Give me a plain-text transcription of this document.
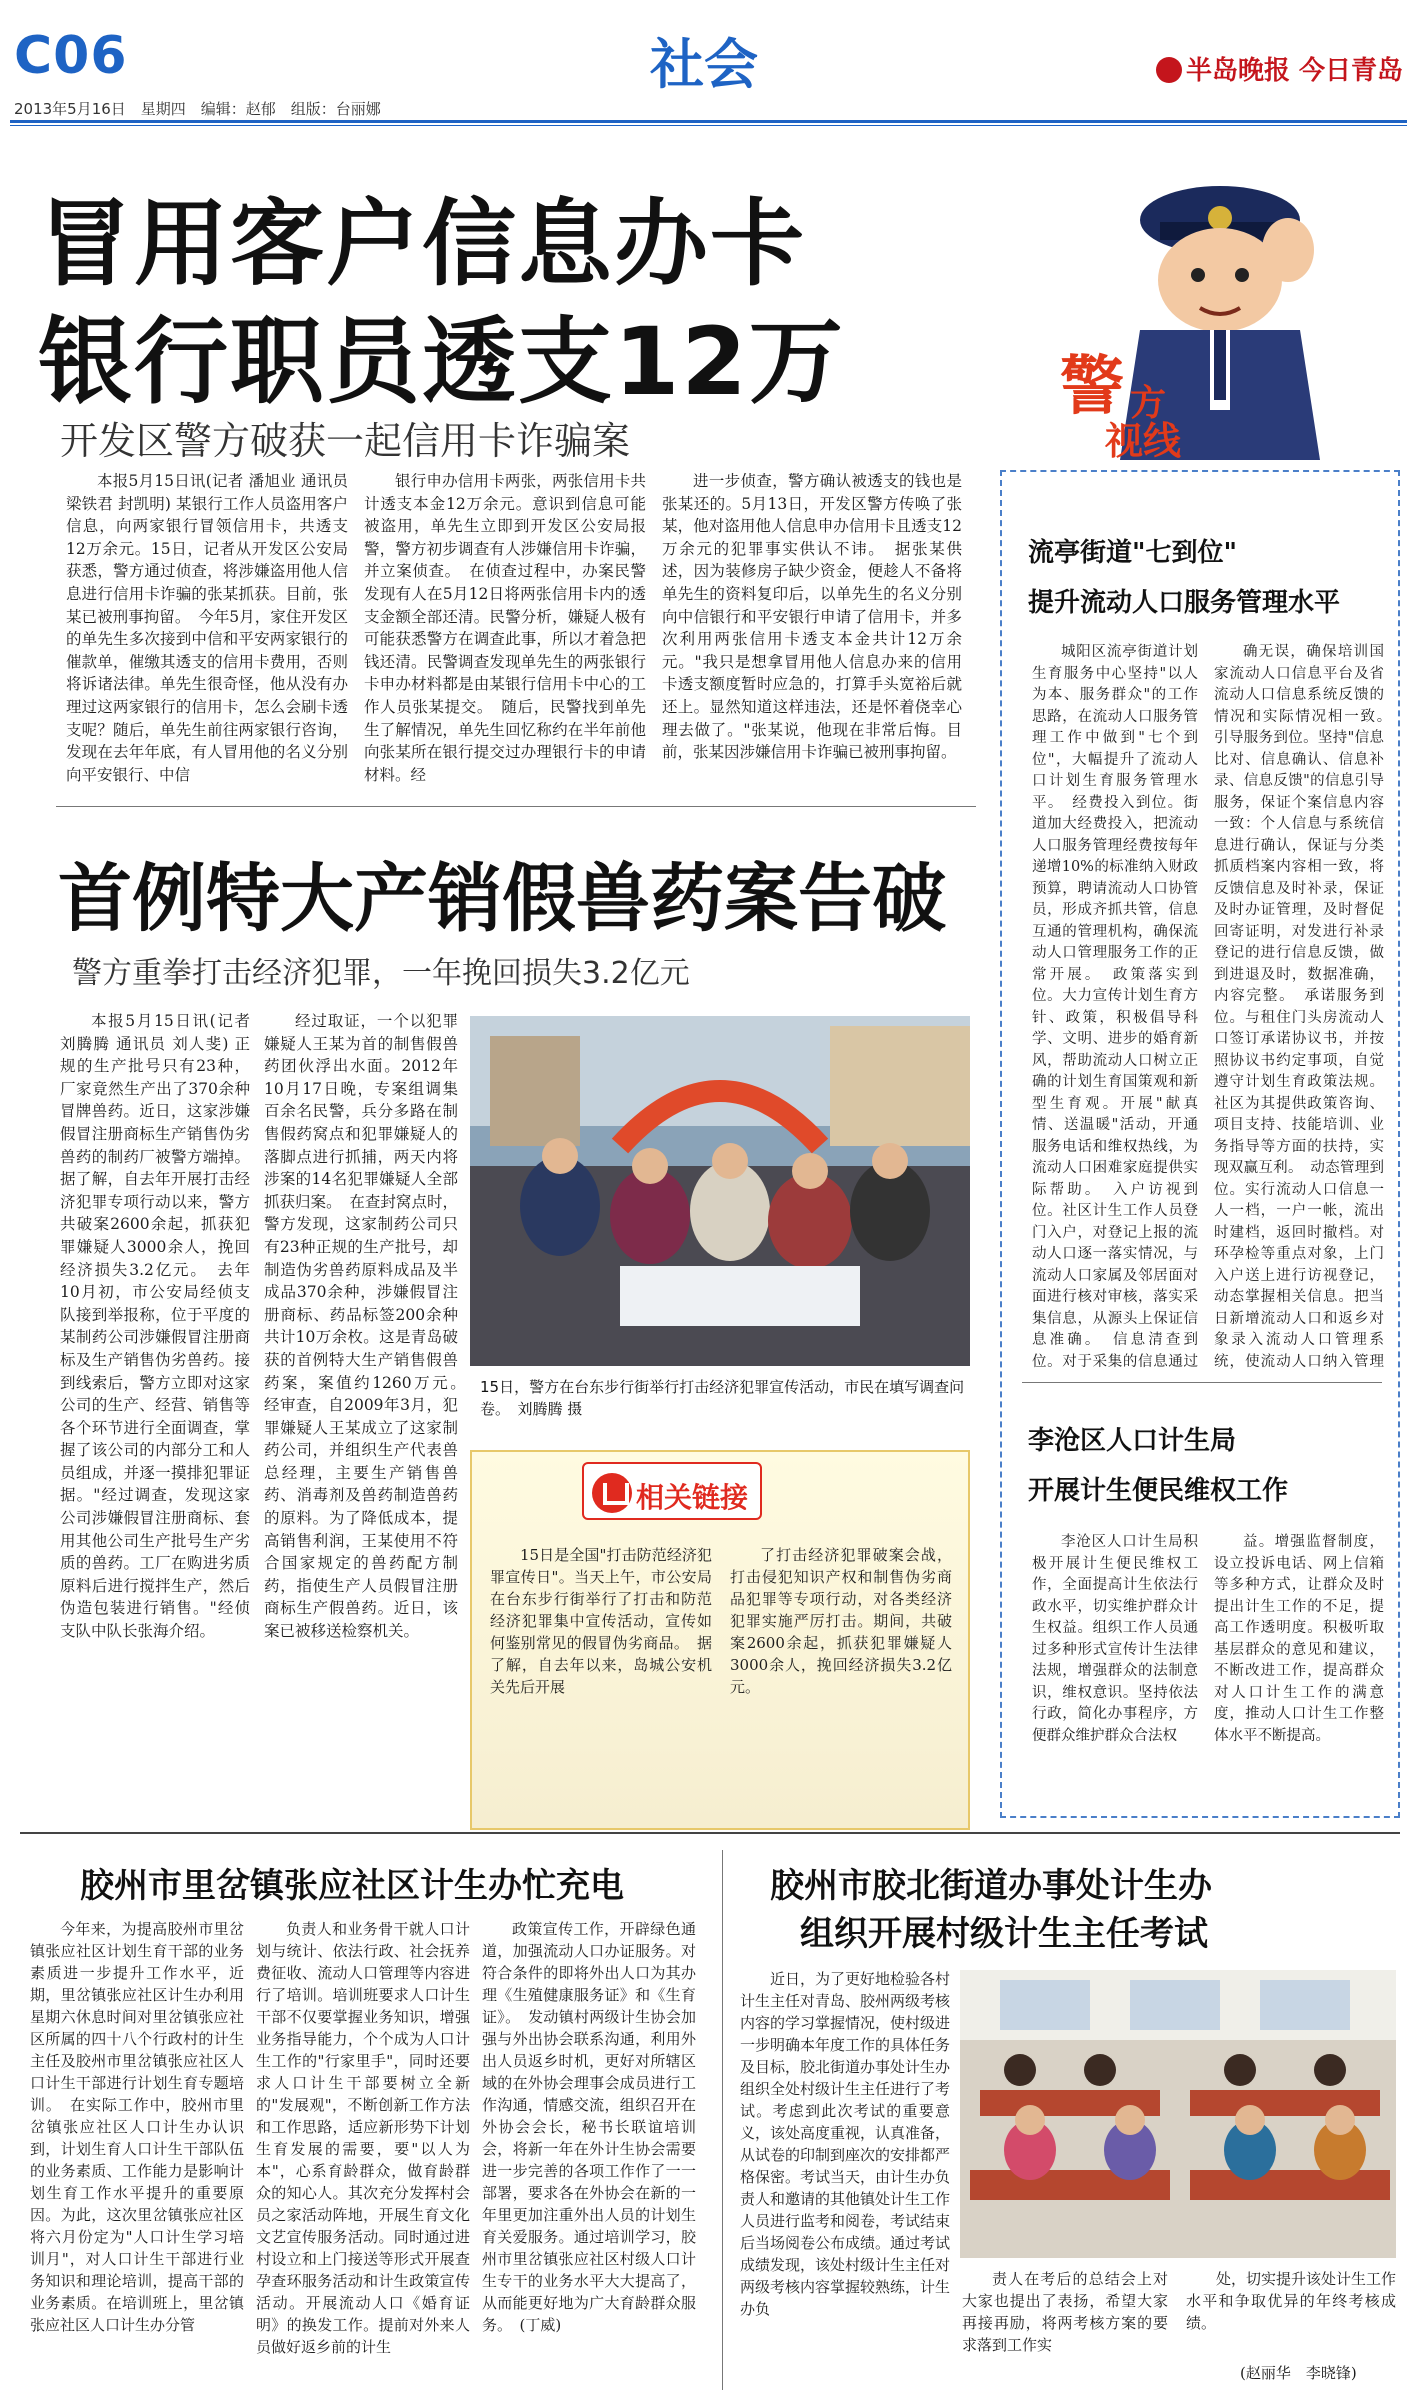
C06	社会
2013年5月16日　星期四　编辑：赵郁　组版：台丽娜
半岛晚报 今日青岛
冒用客户信息办卡
银行职员透支12万
开发区警方破获一起信用卡诈骗案
警 方
视线

本报5月15日讯(记者 潘旭业 通讯员 梁铁君 封凯明) 某银行工作人员盗用客户信息，向两家银行冒领信用卡，共透支12万余元。15日，记者从开发区公安局获悉，警方通过侦查，将涉嫌盗用他人信息进行信用卡诈骗的张某抓获。目前，张某已被刑事拘留。　今年5月，家住开发区的单先生多次接到中信和平安两家银行的催款单，催缴其透支的信用卡费用，否则将诉诸法律。单先生很奇怪，他从没有办理过这两家银行的信用卡，怎么会刷卡透支呢？随后，单先生前往两家银行咨询，发现在去年年底，有人冒用他的名义分别向平安银行、中信

银行申办信用卡两张，两张信用卡共计透支本金12万余元。意识到信息可能被盗用，单先生立即到开发区公安局报警，警方初步调查有人涉嫌信用卡诈骗，并立案侦查。　在侦查过程中，办案民警发现有人在5月12日将两张信用卡内的透支金额全部还清。民警分析，嫌疑人极有可能获悉警方在调查此事，所以才着急把钱还清。民警调查发现单先生的两张银行卡申办材料都是由某银行信用卡中心的工作人员张某提交。　随后，民警找到单先生了解情况，单先生回忆称约在半年前他向张某所在银行提交过办理银行卡的申请材料。经

进一步侦查，警方确认被透支的钱也是张某还的。5月13日，开发区警方传唤了张某，他对盗用他人信息申办信用卡且透支12万余元的犯罪事实供认不讳。　据张某供述，因为装修房子缺少资金，便趁人不备将单先生的资料复印后，以单先生的名义分别向中信银行和平安银行申请了信用卡，并多次利用两张信用卡透支本金共计12万余元。"我只是想拿冒用他人信息办来的信用卡透支额度暂时应急的，打算手头宽裕后就还上。显然知道这样违法，还是怀着侥幸心理去做了。"张某说，他现在非常后悔。目前，张某因涉嫌信用卡诈骗已被刑事拘留。

首例特大产销假兽药案告破
警方重拳打击经济犯罪，一年挽回损失3.2亿元

本报5月15日讯(记者 刘腾腾 通讯员 刘人斐) 正规的生产批号只有23种，厂家竟然生产出了370余种冒牌兽药。近日，这家涉嫌假冒注册商标生产销售伪劣兽药的制药厂被警方端掉。据了解，自去年开展打击经济犯罪专项行动以来，警方共破案2600余起，抓获犯罪嫌疑人3000余人，挽回经济损失3.2亿元。　去年10月初，市公安局经侦支队接到举报称，位于平度的某制药公司涉嫌假冒注册商标及生产销售伪劣兽药。接到线索后，警方立即对这家公司的生产、经营、销售等各个环节进行全面调查，掌握了该公司的内部分工和人员组成，并逐一摸排犯罪证据。"经过调查，发现这家公司涉嫌假冒注册商标、套用其他公司生产批号生产劣质的兽药。工厂在购进劣质原料后进行搅拌生产，然后伪造包装进行销售。"经侦支队中队长张海介绍。

经过取证，一个以犯罪嫌疑人王某为首的制售假兽药团伙浮出水面。2012年10月17日晚，专案组调集百余名民警，兵分多路在制售假药窝点和犯罪嫌疑人的落脚点进行抓捕，两天内将涉案的14名犯罪嫌疑人全部抓获归案。　在查封窝点时，警方发现，这家制药公司只有23种正规的生产批号，却制造伪劣兽药原料成品及半成品370余种，涉嫌假冒注册商标、药品标签200余种共计10万余枚。这是青岛破获的首例特大生产销售假兽药案，案值约1260万元。　经审查，自2009年3月，犯罪嫌疑人王某成立了这家制药公司，并组织生产代表兽总经理，主要生产销售兽药、消毒剂及兽药制造兽药的原料。为了降低成本，提高销售利润，王某使用不符合国家规定的兽药配方制药，指使生产人员假冒注册商标生产假兽药。近日，该案已被移送检察机关。

15日，警方在台东步行街举行打击经济犯罪宣传活动，市民在填写调查问卷。　刘腾腾 摄
相关链接

15日是全国"打击防范经济犯罪宣传日"。当天上午，市公安局在台东步行街举行了打击和防范经济犯罪集中宣传活动，宣传如何鉴别常见的假冒伪劣商品。　据了解，自去年以来，岛城公安机关先后开展

了打击经济犯罪破案会战，打击侵犯知识产权和制售伪劣商品犯罪等专项行动，对各类经济犯罪实施严厉打击。期间，共破案2600余起，抓获犯罪嫌疑人3000余人，挽回经济损失3.2亿元。

流亭街道"七到位"
提升流动人口服务管理水平

城阳区流亭街道计划生育服务中心坚持"以人为本、服务群众"的工作思路，在流动人口服务管理工作中做到"七个到位"，大幅提升了流动人口计划生育服务管理水平。　经费投入到位。街道加大经费投入，把流动人口服务管理经费按每年递增10%的标准纳入财政预算，聘请流动人口协管员，形成齐抓共管，信息互通的管理机构，确保流动人口管理服务工作的正常开展。　政策落实到位。大力宣传计划生育方针、政策，积极倡导科学、文明、进步的婚育新风，帮助流动人口树立正确的计划生育国策观和新型生育观。开展"献真情、送温暖"活动，开通服务电话和维权热线，为流动人口困难家庭提供实际帮助。　入户访视到位。社区计生工作人员登门入户，对登记上报的流动人口逐一落实情况，与流动人口家属及邻居面对面进行核对审核，落实采集信息，从源头上保证信息准确。　信息清查到位。对于采集的信息通过

确无误，确保培训国家流动人口信息平台及省流动人口信息系统反馈的情况和实际情况相一致。　引导服务到位。坚持"信息比对、信息确认、信息补录、信息反馈"的信息引导服务，保证个案信息内容一致：个人信息与系统信息进行确认，保证与分类抓质档案内容相一致，将反馈信息及时补录，保证及时办证管理，及时督促回寄证明，对发进行补录登记的进行信息反馈，做到进退及时，数据准确，内容完整。　承诺服务到位。与租住门头房流动人口签订承诺协议书，并按照协议书约定事项，自觉遵守计划生育政策法规。社区为其提供政策咨询、项目支持、技能培训、业务指导等方面的扶持，实现双赢互利。　动态管理到位。实行流动人口信息一人一档，一户一帐，流出时建档，返回时撤档。对环孕检等重点对象，上门入户送上进行访视登记，动态掌握相关信息。把当日新增流动人口和返乡对象录入流动人口管理系统，使流动人口纳入管理

李沧区人口计生局
开展计生便民维权工作

李沧区人口计生局积极开展计生便民维权工作，全面提高计生依法行政水平，切实维护群众计生权益。组织工作人员通过多种形式宣传计生法律法规，增强群众的法制意识，维权意识。坚持依法行政，简化办事程序，方便群众维护群众合法权

益。增强监督制度，设立投诉电话、网上信箱等多种方式，让群众及时提出计生工作的不足，提高工作透明度。积极听取基层群众的意见和建议，不断改进工作，提高群众对人口计生工作的满意度，推动人口计生工作整体水平不断提高。

胶州市里岔镇张应社区计生办忙充电

今年来，为提高胶州市里岔镇张应社区计划生育干部的业务素质进一步提升工作水平，近期，里岔镇张应社区计生办利用星期六休息时间对里岔镇张应社区所属的四十八个行政村的计生主任及胶州市里岔镇张应社区人口计生干部进行计划生育专题培训。　在实际工作中，胶州市里岔镇张应社区人口计生办认识到，计划生育人口计生干部队伍的业务素质、工作能力是影响计划生育工作水平提升的重要原因。为此，这次里岔镇张应社区将六月份定为"人口计生学习培训月"，对人口计生干部进行业务知识和理论培训，提高干部的业务素质。在培训班上，里岔镇张应社区人口计生办分管

负责人和业务骨干就人口计划与统计、依法行政、社会抚养费征收、流动人口管理等内容进行了培训。培训班要求人口计生干部不仅要掌握业务知识，增强业务指导能力，个个成为人口计生工作的"行家里手"，同时还要求人口计生干部要树立全新的"发展观"，不断创新工作方法和工作思路，适应新形势下计划生育发展的需要，要"以人为本"，心系育龄群众，做育龄群众的知心人。其次充分发挥村会员之家活动阵地，开展生育文化文艺宣传服务活动。同时通过进村设立和上门接送等形式开展查孕查环服务活动和计生政策宣传活动。开展流动人口《婚育证明》的换发工作。提前对外来人员做好返乡前的计生

政策宣传工作，开辟绿色通道，加强流动人口办证服务。对符合条件的即将外出人口为其办理《生殖健康服务证》和《生育证》。　发动镇村两级计生协会加强与外出协会联系沟通，利用外出人员返乡时机，更好对所辖区域的在外协会理事会成员进行工作沟通，情感交流，组织召开在外协会会长，秘书长联谊培训会，将新一年在外计生协会需要进一步完善的各项工作作了一一部署，要求各在外协会在新的一年里更加注重外出人员的计划生育关爱服务。通过培训学习，胶州市里岔镇张应社区村级人口计生专干的业务水平大大提高了，从而能更好地为广大育龄群众服务。　(丁威)

胶州市胶北街道办事处计生办
组织开展村级计生主任考试

近日，为了更好地检验各村计生主任对青岛、胶州两级考核内容的学习掌握情况，使村级进一步明确本年度工作的具体任务及目标，胶北街道办事处计生办组织全处村级计生主任进行了考试。考虑到此次考试的重要意义，该处高度重视，认真准备，从试卷的印制到座次的安排都严格保密。考试当天，由计生办负责人和邀请的其他镇处计生工作人员进行监考和阅卷，考试结束后当场阅卷公布成绩。通过考试成绩发现，该处村级计生主任对两级考核内容掌握较熟练，计生办负

责人在考后的总结会上对大家也提出了表扬，希望大家再接再励，将两考核方案的要求落到工作实

处，切实提升该处计生工作水平和争取优异的年终考核成绩。

(赵丽华　李晓锋)
